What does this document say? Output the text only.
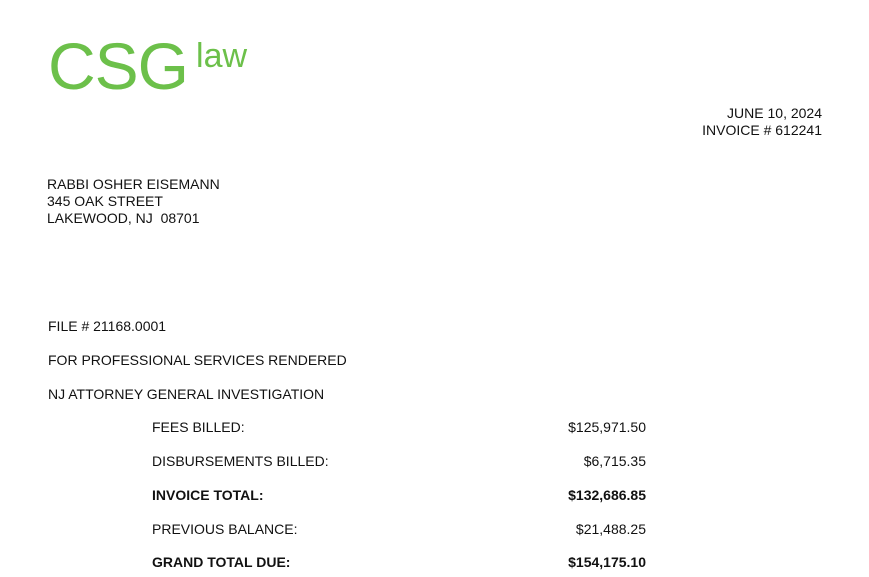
CSG law
JUNE 10, 2024
INVOICE # 612241
RABBI OSHER EISEMANN
345 OAK STREET
LAKEWOOD, NJ  08701
FILE # 21168.0001
FOR PROFESSIONAL SERVICES RENDERED
NJ ATTORNEY GENERAL INVESTIGATION
FEES BILLED:	$125,971.50
DISBURSEMENTS BILLED:	$6,715.35
INVOICE TOTAL:	$132,686.85
PREVIOUS BALANCE:	$21,488.25
GRAND TOTAL DUE:	$154,175.10
